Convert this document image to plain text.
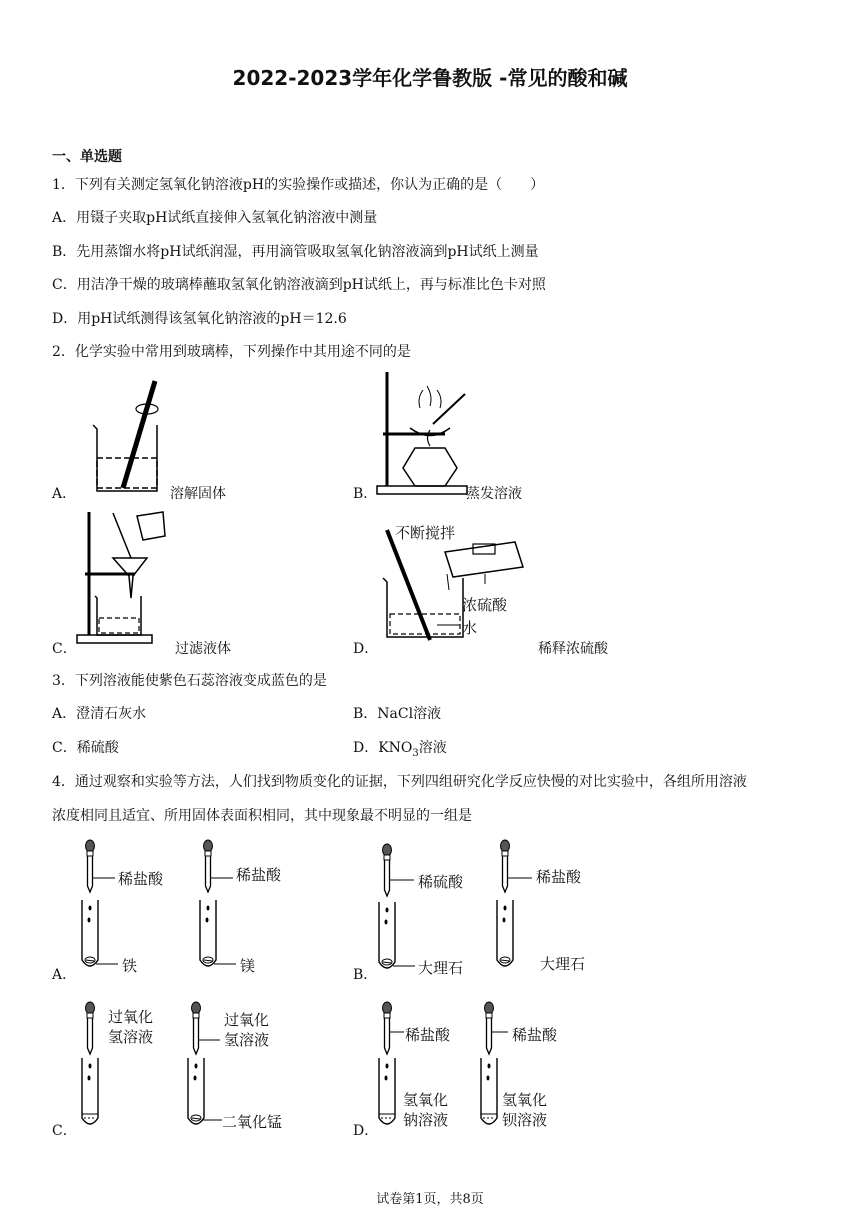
2022-2023学年化学鲁教版 -常见的酸和碱
一、单选题
1．下列有关测定氢氧化钠溶液pH的实验操作或描述，你认为正确的是（　　）
A．用镊子夹取pH试纸直接伸入氢氧化钠溶液中测量
B．先用蒸馏水将pH试纸润湿，再用滴管吸取氢氧化钠溶液滴到pH试纸上测量
C．用洁净干燥的玻璃棒蘸取氢氧化钠溶液滴到pH试纸上，再与标准比色卡对照
D．用pH试纸测得该氢氧化钠溶液的pH＝12.6
2．化学实验中常用到玻璃棒，下列操作中其用途不同的是
A．	溶解固体	B．	蒸发溶液
C．	过滤液体	D．
不断搅拌
浓硫酸
水
稀释浓硫酸
3．下列溶液能使紫色石蕊溶液变成蓝色的是
A．澄清石灰水	B．NaCl溶液
C．稀硫酸	D．$KNO_3$溶液
4．通过观察和实验等方法，人们找到物质变化的证据，下列四组研究化学反应快慢的对比实验中，各组所用溶液
浓度相同且适宜、所用固体表面积相同，其中现象最不明显的一组是
A．	B．
C．	D．
稀盐酸
铁
稀盐酸
镁
稀硫酸
大理石
稀盐酸
大理石
过氧化
氢溶液
过氧化
氢溶液
二氧化锰
稀盐酸
氢氧化
钠溶液
稀盐酸
氢氧化
钡溶液
试卷第1页，共8页
